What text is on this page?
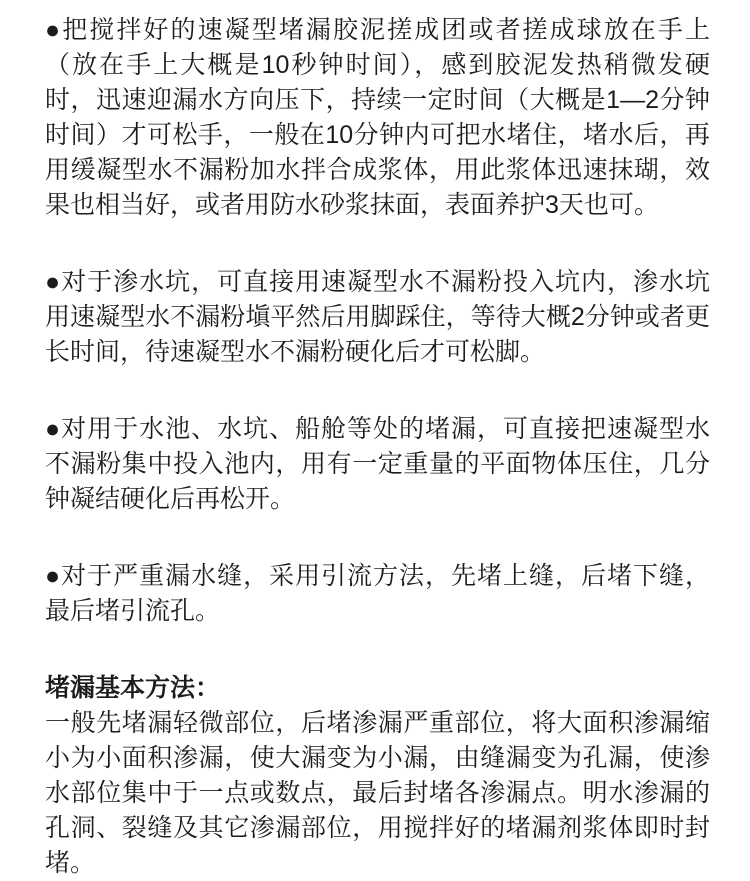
●把搅拌好的速凝型堵漏胶泥搓成团或者搓成球放在手上（放在手上大概是10秒钟时间），感到胶泥发热稍微发硬时，迅速迎漏水方向压下，持续一定时间（大概是1—2分钟时间）才可松手，一般在10分钟内可把水堵住，堵水后，再用缓凝型水不漏粉加水拌合成浆体，用此浆体迅速抹瑚，效果也相当好，或者用防水砂浆抹面，表面养护3天也可。

●对于渗水坑，可直接用速凝型水不漏粉投入坑内，渗水坑用速凝型水不漏粉塡平然后用脚踩住，等待大概2分钟或者更长时间，待速凝型水不漏粉硬化后才可松脚。

●对用于水池、水坑、船舱等处的堵漏，可直接把速凝型水不漏粉集中投入池内，用有一定重量的平面物体压住，几分钟凝结硬化后再松开。

●对于严重漏水缝，采用引流方法，先堵上缝，后堵下缝，最后堵引流孔。

堵漏基本方法：

一般先堵漏轻微部位，后堵渗漏严重部位，将大面积渗漏缩小为小面积渗漏，使大漏变为小漏，由缝漏变为孔漏，使渗水部位集中于一点或数点，最后封堵各渗漏点。明水渗漏的孔洞、裂缝及其它渗漏部位，用搅拌好的堵漏剂浆体即时封堵。
